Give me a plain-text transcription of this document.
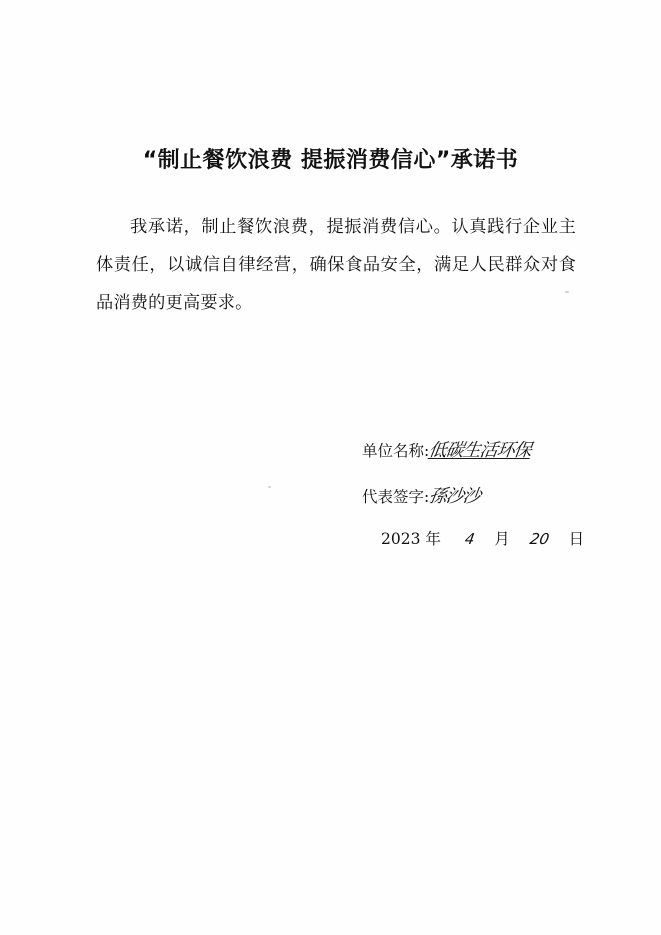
“制止餐饮浪费 提振消费信心”承诺书
我承诺，制止餐饮浪费，提振消费信心。认真践行企业主体责任，以诚信自律经营，确保食品安全，满足人民群众对食品消费的更高要求。
单位名称:低碳生活环保
代表签字:孫沙沙
2023 年 4 月 20 日
